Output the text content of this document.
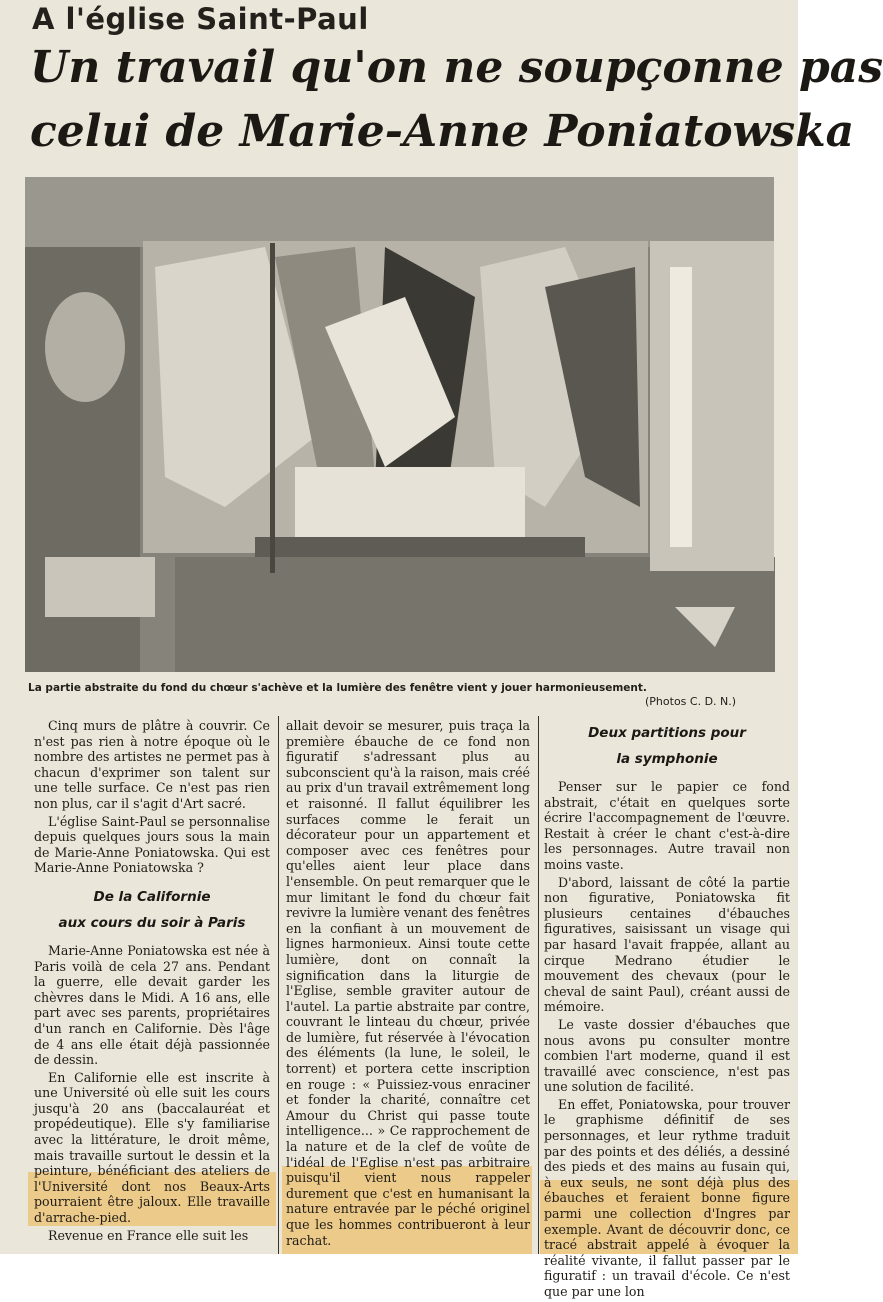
A l'église Saint-Paul

Un travail qu'on ne soupçonne pas
celui de Marie-Anne Poniatowska

La partie abstraite du fond du chœur s'achève et la lumière des fenêtre vient y jouer harmonieusement.

(Photos C. D. N.)

Cinq murs de plâtre à couvrir. Ce n'est pas rien à notre époque où le nombre des artistes ne permet pas à chacun d'exprimer son talent sur une telle surface. Ce n'est pas rien non plus, car il s'agit d'Art sacré.

L'église Saint-Paul se personnalise depuis quelques jours sous la main de Marie-Anne Poniatowska. Qui est Marie-Anne Poniatowska ?

De la Californie
aux cours du soir à Paris

Marie-Anne Poniatowska est née à Paris voilà de cela 27 ans. Pendant la guerre, elle devait garder les chèvres dans le Midi. A 16 ans, elle part avec ses parents, propriétaires d'un ranch en Californie. Dès l'âge de 4 ans elle était déjà passionnée de dessin.

En Californie elle est inscrite à une Université où elle suit les cours jusqu'à 20 ans (baccalauréat et propédeutique). Elle s'y familiarise avec la littérature, le droit même, mais travaille surtout le dessin et la peinture, bénéficiant des ateliers de l'Université dont nos Beaux-Arts pourraient être jaloux. Elle travaille d'arrache-pied.

Revenue en France elle suit les

allait devoir se mesurer, puis traça la première ébauche de ce fond non figuratif s'adressant plus au subconscient qu'à la raison, mais créé au prix d'un travail extrêmement long et raisonné. Il fallut équilibrer les surfaces comme le ferait un décorateur pour un appartement et composer avec ces fenêtres pour qu'elles aient leur place dans l'ensemble. On peut remarquer que le mur limitant le fond du chœur fait revivre la lumière venant des fenêtres en la confiant à un mouvement de lignes harmonieux. Ainsi toute cette lumière, dont on connaît la signification dans la liturgie de l'Eglise, semble graviter autour de l'autel. La partie abstraite par contre, couvrant le linteau du chœur, privée de lumière, fut réservée à l'évocation des éléments (la lune, le soleil, le torrent) et portera cette inscription en rouge : « Puissiez-vous enraciner et fonder la charité, connaître cet Amour du Christ qui passe toute intelligence... » Ce rapprochement de la nature et de la clef de voûte de l'idéal de l'Eglise n'est pas arbitraire puisqu'il vient nous rappeler durement que c'est en humanisant la nature entravée par le péché originel que les hommes contribueront à leur rachat.

Deux partitions pour
la symphonie

Penser sur le papier ce fond abstrait, c'était en quelques sorte écrire l'accompagnement de l'œuvre. Restait à créer le chant c'est-à-dire les personnages. Autre travail non moins vaste.

D'abord, laissant de côté la partie non figurative, Poniatowska fit plusieurs centaines d'ébauches figuratives, saisissant un visage qui par hasard l'avait frappée, allant au cirque Medrano étudier le mouvement des chevaux (pour le cheval de saint Paul), créant aussi de mémoire.

Le vaste dossier d'ébauches que nous avons pu consulter montre combien l'art moderne, quand il est travaillé avec conscience, n'est pas une solution de facilité.

En effet, Poniatowska, pour trouver le graphisme définitif de ses personnages, et leur rythme traduit par des points et des déliés, a dessiné des pieds et des mains au fusain qui, à eux seuls, ne sont déjà plus des ébauches et feraient bonne figure parmi une collection d'Ingres par exemple. Avant de découvrir donc, ce tracé abstrait appelé à évoquer la réalité vivante, il fallut passer par le figuratif : un travail d'école. Ce n'est que par une lon
